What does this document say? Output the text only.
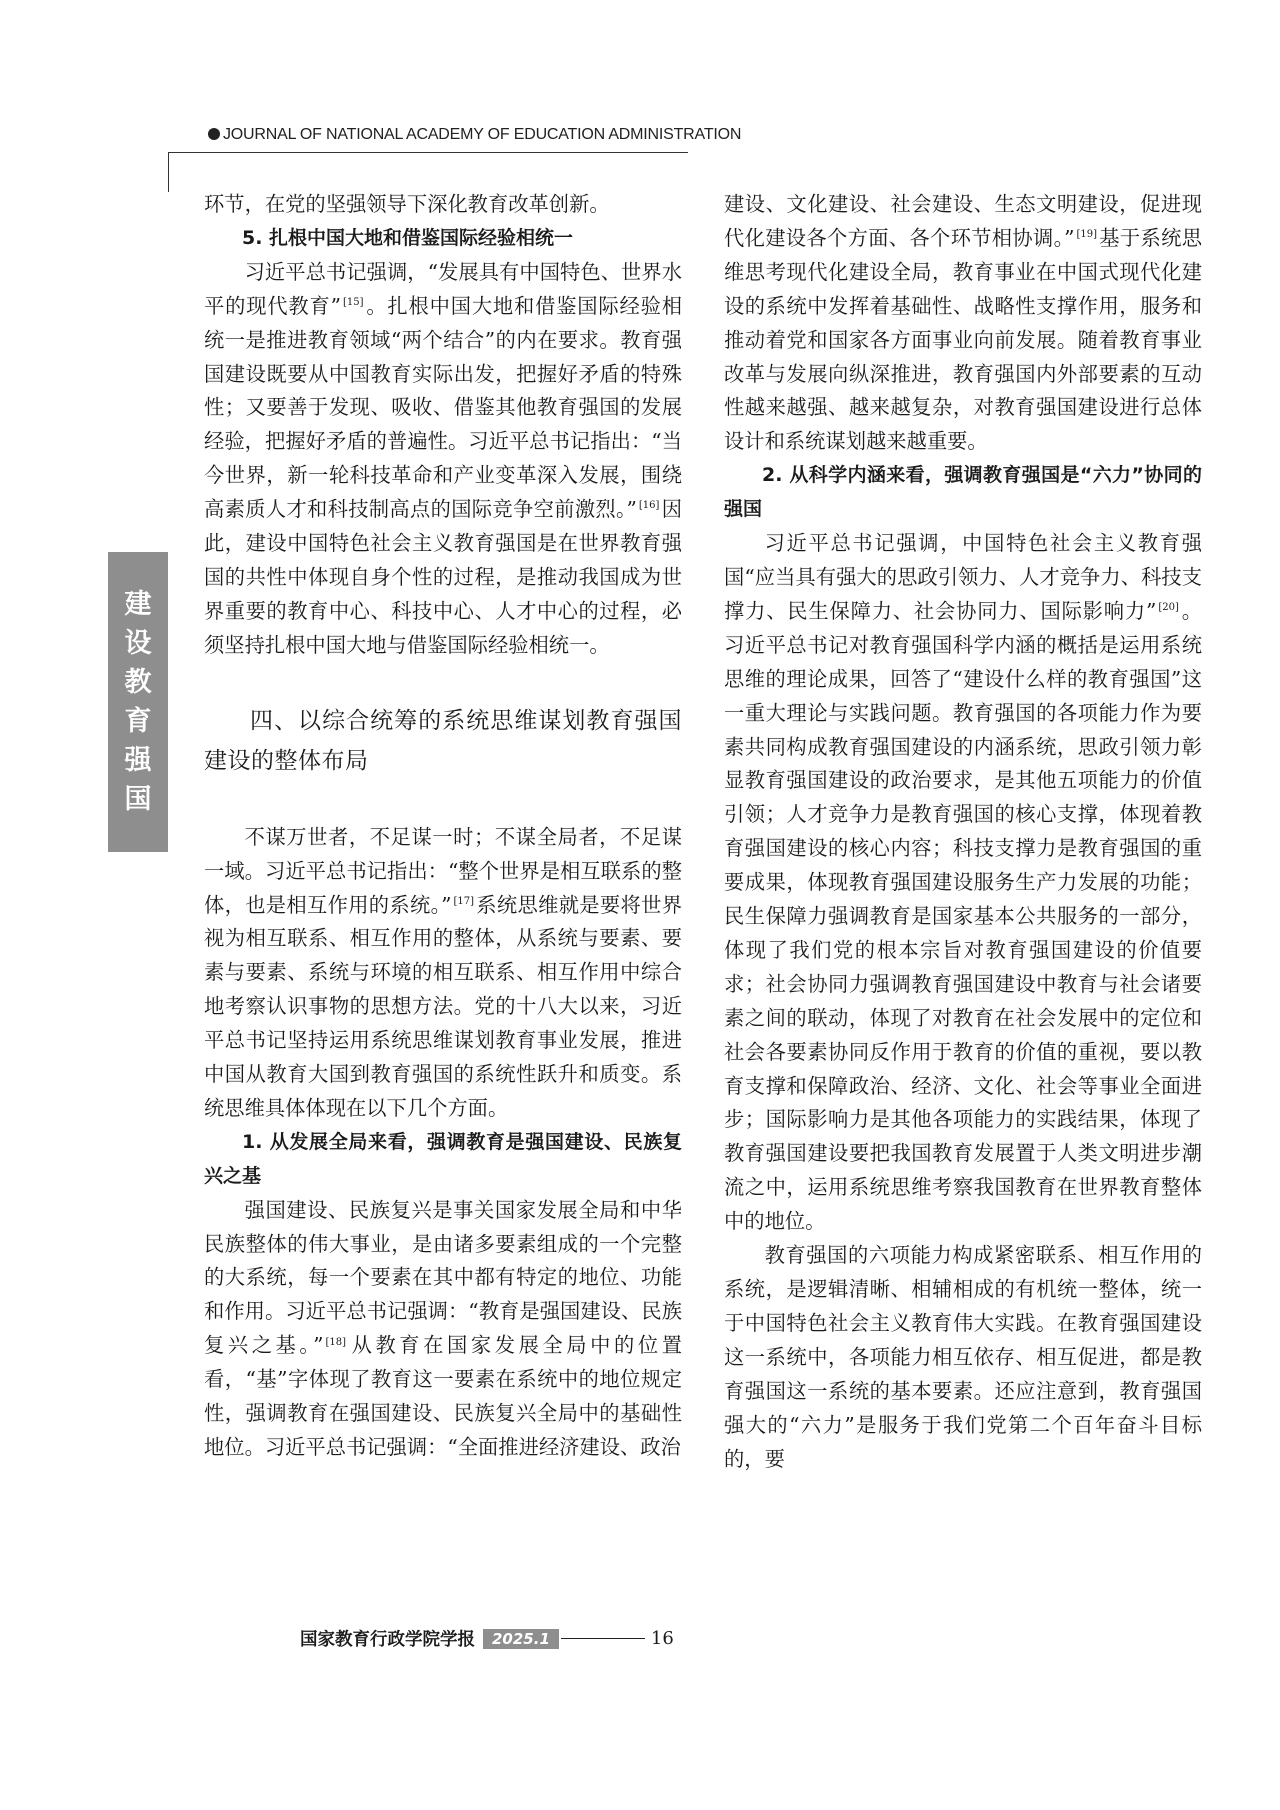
JOURNAL OF NATIONAL ACADEMY OF EDUCATION ADMINISTRATION
建
设
教
育
强
国

环节，在党的坚强领导下深化教育改革创新。

5. 扎根中国大地和借鉴国际经验相统一

习近平总书记强调，“发展具有中国特色、世界水平的现代教育” [15]。扎根中国大地和借鉴国际经验相统一是推进教育领域“两个结合”的内在要求。教育强国建设既要从中国教育实际出发，把握好矛盾的特殊性；又要善于发现、吸收、借鉴其他教育强国的发展经验，把握好矛盾的普遍性。习近平总书记指出：“当今世界，新一轮科技革命和产业变革深入发展，围绕高素质人才和科技制高点的国际竞争空前激烈。” [16]因此，建设中国特色社会主义教育强国是在世界教育强国的共性中体现自身个性的过程，是推动我国成为世界重要的教育中心、科技中心、人才中心的过程，必须坚持扎根中国大地与借鉴国际经验相统一。

四、以综合统筹的系统思维谋划教育强国建设的整体布局

不谋万世者，不足谋一时；不谋全局者，不足谋一域。习近平总书记指出：“整个世界是相互联系的整体，也是相互作用的系统。” [17]系统思维就是要将世界视为相互联系、相互作用的整体，从系统与要素、要素与要素、系统与环境的相互联系、相互作用中综合地考察认识事物的思想方法。党的十八大以来，习近平总书记坚持运用系统思维谋划教育事业发展，推进中国从教育大国到教育强国的系统性跃升和质变。系统思维具体体现在以下几个方面。

1. 从发展全局来看，强调教育是强国建设、民族复兴之基

强国建设、民族复兴是事关国家发展全局和中华民族整体的伟大事业，是由诸多要素组成的一个完整的大系统，每一个要素在其中都有特定的地位、功能和作用。习近平总书记强调：“教育是强国建设、民族复兴之基。” [18]从教育在国家发展全局中的位置看，“基”字体现了教育这一要素在系统中的地位规定性，强调教育在强国建设、民族复兴全局中的基础性地位。习近平总书记强调：“全面推进经济建设、政治

建设、文化建设、社会建设、生态文明建设，促进现代化建设各个方面、各个环节相协调。” [19]基于系统思维思考现代化建设全局，教育事业在中国式现代化建设的系统中发挥着基础性、战略性支撑作用，服务和推动着党和国家各方面事业向前发展。随着教育事业改革与发展向纵深推进，教育强国内外部要素的互动性越来越强、越来越复杂，对教育强国建设进行总体设计和系统谋划越来越重要。

2. 从科学内涵来看，强调教育强国是“六力”协同的强国

习近平总书记强调，中国特色社会主义教育强国“应当具有强大的思政引领力、人才竞争力、科技支撑力、民生保障力、社会协同力、国际影响力” [20]。习近平总书记对教育强国科学内涵的概括是运用系统思维的理论成果，回答了“建设什么样的教育强国”这一重大理论与实践问题。教育强国的各项能力作为要素共同构成教育强国建设的内涵系统，思政引领力彰显教育强国建设的政治要求，是其他五项能力的价值引领；人才竞争力是教育强国的核心支撑，体现着教育强国建设的核心内容；科技支撑力是教育强国的重要成果，体现教育强国建设服务生产力发展的功能；民生保障力强调教育是国家基本公共服务的一部分，体现了我们党的根本宗旨对教育强国建设的价值要求；社会协同力强调教育强国建设中教育与社会诸要素之间的联动，体现了对教育在社会发展中的定位和社会各要素协同反作用于教育的价值的重视，要以教育支撑和保障政治、经济、文化、社会等事业全面进步；国际影响力是其他各项能力的实践结果，体现了教育强国建设要把我国教育发展置于人类文明进步潮流之中，运用系统思维考察我国教育在世界教育整体中的地位。

教育强国的六项能力构成紧密联系、相互作用的系统，是逻辑清晰、相辅相成的有机统一整体，统一于中国特色社会主义教育伟大实践。在教育强国建设这一系统中，各项能力相互依存、相互促进，都是教育强国这一系统的基本要素。还应注意到，教育强国强大的“六力”是服务于我们党第二个百年奋斗目标的，要

国家教育行政学院学报 2025.1	16
